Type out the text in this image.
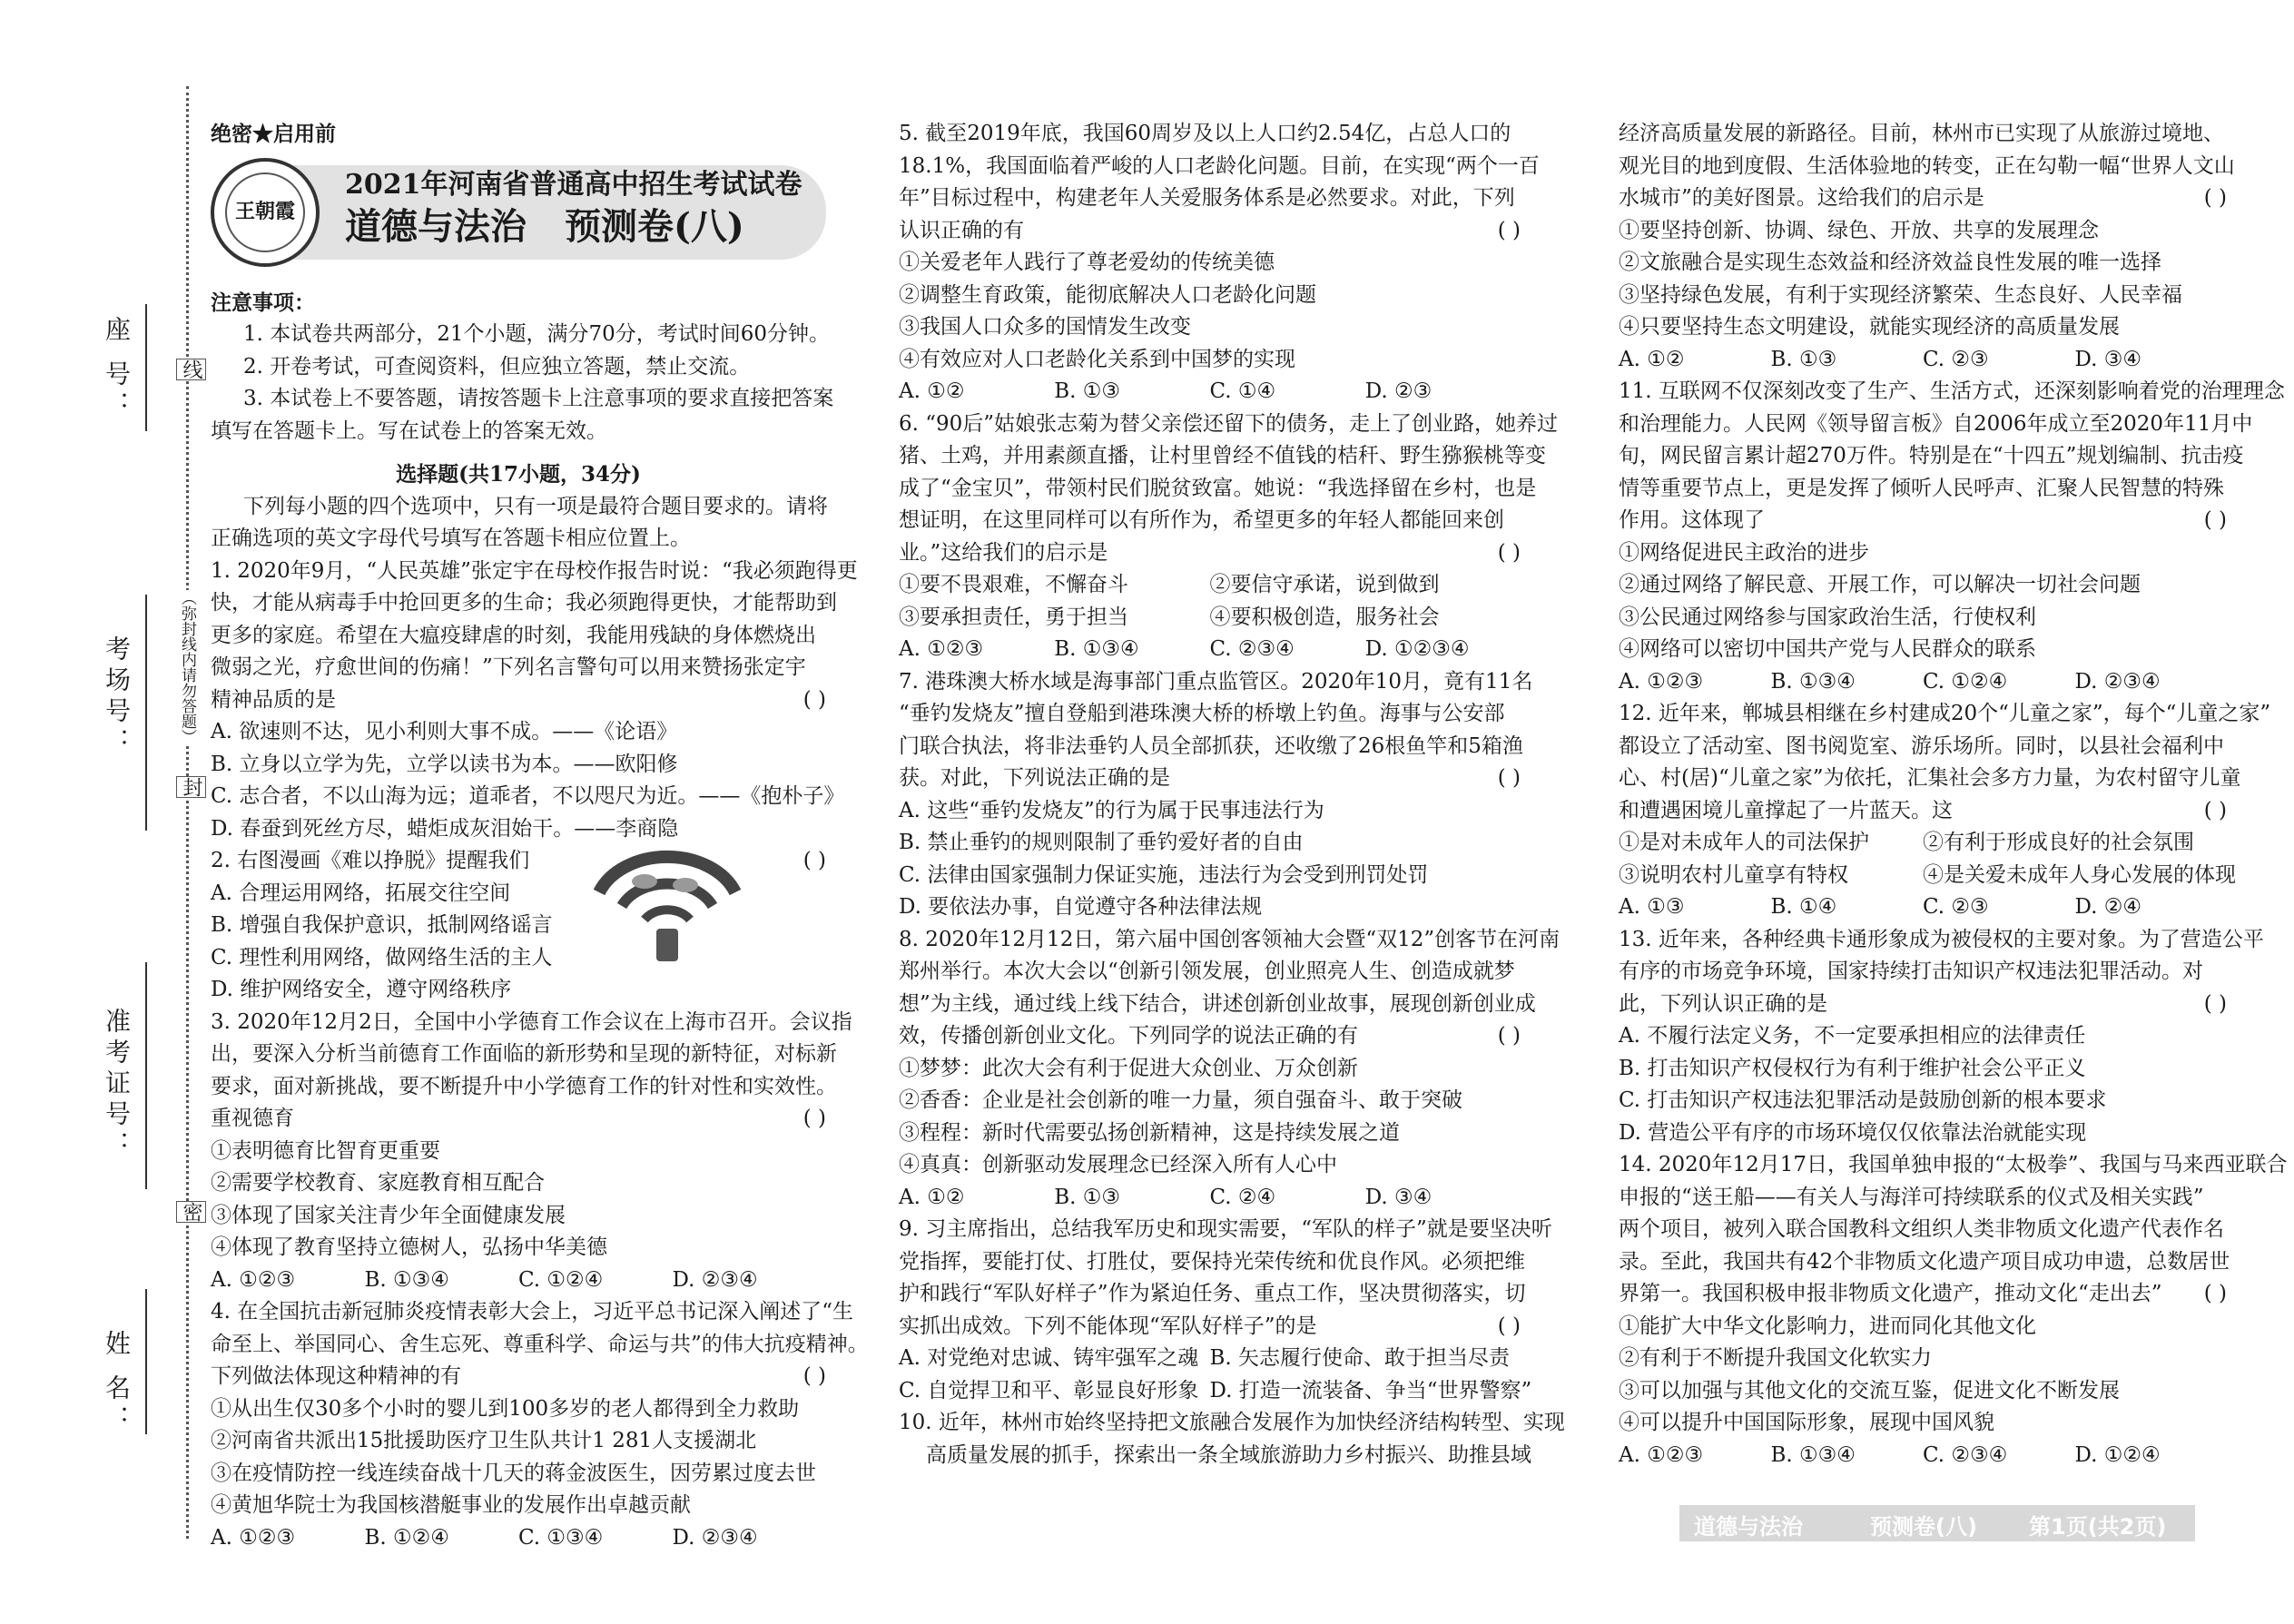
座 号：
考场号：
准考证号：
姓 名：
线
（弥封线内请勿答题）
封
密

绝密★启用前

王朝霞
2021年河南省普通高中招生考试试卷
道德与法治 预测卷(八)

注意事项：

1. 本试卷共两部分，21个小题，满分70分，考试时间60分钟。

2. 开卷考试，可查阅资料，但应独立答题，禁止交流。

3. 本试卷上不要答题，请按答题卡上注意事项的要求直接把答案

填写在答题卡上。写在试卷上的答案无效。

选择题(共17小题，34分)

下列每小题的四个选项中，只有一项是最符合题目要求的。请将

正确选项的英文字母代号填写在答题卡相应位置上。

1. 2020年9月，“人民英雄”张定宇在母校作报告时说：“我必须跑得更

快，才能从病毒手中抢回更多的生命；我必须跑得更快，才能帮助到

更多的家庭。希望在大瘟疫肆虐的时刻，我能用残缺的身体燃烧出

微弱之光，疗愈世间的伤痛！”下列名言警句可以用来赞扬张定宇

精神品质的是	( )

A. 欲速则不达，见小利则大事不成。——《论语》

B. 立身以立学为先，立学以读书为本。——欧阳修

C. 志合者，不以山海为远；道乖者，不以咫尺为近。——《抱朴子》

D. 春蚕到死丝方尽，蜡炬成灰泪始干。——李商隐

2. 右图漫画《难以挣脱》提醒我们	( )

A. 合理运用网络，拓展交往空间

B. 增强自我保护意识，抵制网络谣言

C. 理性利用网络，做网络生活的主人

D. 维护网络安全，遵守网络秩序

3. 2020年12月2日，全国中小学德育工作会议在上海市召开。会议指

出，要深入分析当前德育工作面临的新形势和呈现的新特征，对标新

要求，面对新挑战，要不断提升中小学德育工作的针对性和实效性。

重视德育	( )

①表明德育比智育更重要

②需要学校教育、家庭教育相互配合

③体现了国家关注青少年全面健康发展

④体现了教育坚持立德树人，弘扬中华美德

A. ①②③	B. ①③④	C. ①②④	D. ②③④

4. 在全国抗击新冠肺炎疫情表彰大会上，习近平总书记深入阐述了“生

命至上、举国同心、舍生忘死、尊重科学、命运与共”的伟大抗疫精神。

下列做法体现这种精神的有	( )

①从出生仅30多个小时的婴儿到100多岁的老人都得到全力救助

②河南省共派出15批援助医疗卫生队共计1 281人支援湖北

③在疫情防控一线连续奋战十几天的蒋金波医生，因劳累过度去世

④黄旭华院士为我国核潜艇事业的发展作出卓越贡献

A. ①②③	B. ①②④	C. ①③④	D. ②③④

5. 截至2019年底，我国60周岁及以上人口约2.54亿，占总人口的

18.1%，我国面临着严峻的人口老龄化问题。目前，在实现“两个一百

年”目标过程中，构建老年人关爱服务体系是必然要求。对此，下列

认识正确的有	( )

①关爱老年人践行了尊老爱幼的传统美德

②调整生育政策，能彻底解决人口老龄化问题

③我国人口众多的国情发生改变

④有效应对人口老龄化关系到中国梦的实现

A. ①②	B. ①③	C. ①④	D. ②③

6. “90后”姑娘张志菊为替父亲偿还留下的债务，走上了创业路，她养过

猪、土鸡，并用素颜直播，让村里曾经不值钱的桔秆、野生猕猴桃等变

成了“金宝贝”，带领村民们脱贫致富。她说：“我选择留在乡村，也是

想证明，在这里同样可以有所作为，希望更多的年轻人都能回来创

业。”这给我们的启示是	( )

①要不畏艰难，不懈奋斗	②要信守承诺，说到做到

③要承担责任，勇于担当	④要积极创造，服务社会

A. ①②③	B. ①③④	C. ②③④	D. ①②③④

7. 港珠澳大桥水域是海事部门重点监管区。2020年10月，竟有11名

“垂钓发烧友”擅自登船到港珠澳大桥的桥墩上钓鱼。海事与公安部

门联合执法，将非法垂钓人员全部抓获，还收缴了26根鱼竿和5箱渔

获。对此，下列说法正确的是	( )

A. 这些“垂钓发烧友”的行为属于民事违法行为

B. 禁止垂钓的规则限制了垂钓爱好者的自由

C. 法律由国家强制力保证实施，违法行为会受到刑罚处罚

D. 要依法办事，自觉遵守各种法律法规

8. 2020年12月12日，第六届中国创客领袖大会暨“双12”创客节在河南

郑州举行。本次大会以“创新引领发展，创业照亮人生、创造成就梦

想”为主线，通过线上线下结合，讲述创新创业故事，展现创新创业成

效，传播创新创业文化。下列同学的说法正确的有	( )

①梦梦：此次大会有利于促进大众创业、万众创新

②香香：企业是社会创新的唯一力量，须自强奋斗、敢于突破

③程程：新时代需要弘扬创新精神，这是持续发展之道

④真真：创新驱动发展理念已经深入所有人心中

A. ①②	B. ①③	C. ②④	D. ③④

9. 习主席指出，总结我军历史和现实需要，“军队的样子”就是要坚决听

党指挥，要能打仗、打胜仗，要保持光荣传统和优良作风。必须把维

护和践行“军队好样子”作为紧迫任务、重点工作，坚决贯彻落实，切

实抓出成效。下列不能体现“军队好样子”的是	( )

A. 对党绝对忠诚、铸牢强军之魂 B. 矢志履行使命、敢于担当尽责

C. 自觉捍卫和平、彰显良好形象 D. 打造一流装备、争当“世界警察”

10. 近年，林州市始终坚持把文旅融合发展作为加快经济结构转型、实现

高质量发展的抓手，探索出一条全域旅游助力乡村振兴、助推县域

经济高质量发展的新路径。目前，林州市已实现了从旅游过境地、

观光目的地到度假、生活体验地的转变，正在勾勒一幅“世界人文山

水城市”的美好图景。这给我们的启示是	( )

①要坚持创新、协调、绿色、开放、共享的发展理念

②文旅融合是实现生态效益和经济效益良性发展的唯一选择

③坚持绿色发展，有利于实现经济繁荣、生态良好、人民幸福

④只要坚持生态文明建设，就能实现经济的高质量发展

A. ①②	B. ①③	C. ②③	D. ③④

11. 互联网不仅深刻改变了生产、生活方式，还深刻影响着党的治理理念

和治理能力。人民网《领导留言板》自2006年成立至2020年11月中

旬，网民留言累计超270万件。特别是在“十四五”规划编制、抗击疫

情等重要节点上，更是发挥了倾听人民呼声、汇聚人民智慧的特殊

作用。这体现了	( )

①网络促进民主政治的进步

②通过网络了解民意、开展工作，可以解决一切社会问题

③公民通过网络参与国家政治生活，行使权利

④网络可以密切中国共产党与人民群众的联系

A. ①②③	B. ①③④	C. ①②④	D. ②③④

12. 近年来，郸城县相继在乡村建成20个“儿童之家”，每个“儿童之家”

都设立了活动室、图书阅览室、游乐场所。同时，以县社会福利中

心、村(居)“儿童之家”为依托，汇集社会多方力量，为农村留守儿童

和遭遇困境儿童撑起了一片蓝天。这	( )

①是对未成年人的司法保护	②有利于形成良好的社会氛围

③说明农村儿童享有特权	④是关爱未成年人身心发展的体现

A. ①③	B. ①④	C. ②③	D. ②④

13. 近年来，各种经典卡通形象成为被侵权的主要对象。为了营造公平

有序的市场竞争环境，国家持续打击知识产权违法犯罪活动。对

此，下列认识正确的是	( )

A. 不履行法定义务，不一定要承担相应的法律责任

B. 打击知识产权侵权行为有利于维护社会公平正义

C. 打击知识产权违法犯罪活动是鼓励创新的根本要求

D. 营造公平有序的市场环境仅仅依靠法治就能实现

14. 2020年12月17日，我国单独申报的“太极拳”、我国与马来西亚联合

申报的“送王船——有关人与海洋可持续联系的仪式及相关实践”

两个项目，被列入联合国教科文组织人类非物质文化遗产代表作名

录。至此，我国共有42个非物质文化遗产项目成功申遗，总数居世

界第一。我国积极申报非物质文化遗产，推动文化“走出去” ( )

①能扩大中华文化影响力，进而同化其他文化

②有利于不断提升我国文化软实力

③可以加强与其他文化的交流互鉴，促进文化不断发展

④可以提升中国国际形象，展现中国风貌

A. ①②③	B. ①③④	C. ②③④	D. ①②④

道德与法治	预测卷(八) 第1页(共2页)
